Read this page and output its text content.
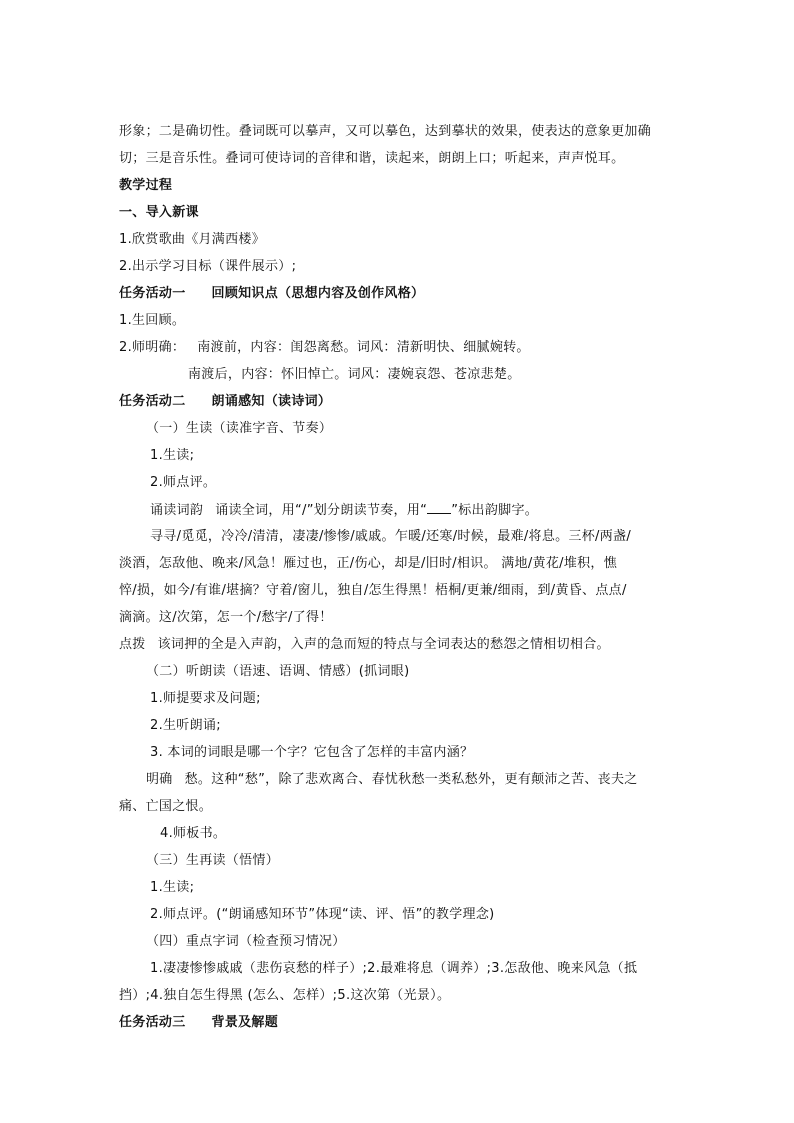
形象；二是确切性。叠词既可以摹声，又可以摹色，达到摹状的效果，使表达的意象更加确
切；三是音乐性。叠词可使诗词的音律和谐，读起来，朗朗上口；听起来，声声悦耳。
教学过程
一、导入新课
1.欣赏歌曲《月满西楼》
2.出示学习目标（课件展示）;
任务活动一 回顾知识点（思想内容及创作风格）
1.生回顾。
2.师明确： 南渡前，内容：闺怨离愁。词风：清新明快、细腻婉转。
南渡后，内容：怀旧悼亡。词风：凄婉哀怨、苍凉悲楚。
任务活动二 朗诵感知（读诗词）
（一）生读（读准字音、节奏）
1.生读;
2.师点评。
诵读词韵 诵读全词，用“/”划分朗读节奏，用“ ”标出韵脚字。
寻寻/觅觅，冷冷/清清，凄凄/惨惨/戚戚。乍暖/还寒/时候，最难/将息。三杯/两盏/
淡酒，怎敌他、晚来/风急！雁过也，正/伤心，却是/旧时/相识。 满地/黄花/堆积，憔
悴/损，如今/有谁/堪摘？守着/窗儿，独自/怎生得黑！梧桐/更兼/细雨，到/黄昏、点点/
滴滴。这/次第，怎一个/愁字/了得！
点拨 该词押的全是入声韵，入声的急而短的特点与全词表达的愁怨之情相切相合。
（二）听朗读（语速、语调、情感）(抓词眼)
1.师提要求及问题;
2.生听朗诵;
3. 本词的词眼是哪一个字？它包含了怎样的丰富内涵？
明确 愁。这种“愁”，除了悲欢离合、春忧秋愁一类私愁外，更有颠沛之苦、丧夫之
痛、亡国之恨。
4.师板书。
（三）生再读（悟情）
1.生读;
2.师点评。(“朗诵感知环节”体现“读、评、悟”的教学理念)
（四）重点字词（检查预习情况）
1.凄凄惨惨戚戚（悲伤哀愁的样子）;2.最难将息（调养）;3.怎敌他、晚来风急（抵
挡）;4.独自怎生得黑 (怎么、怎样）;5.这次第（光景）。
任务活动三 背景及解题
